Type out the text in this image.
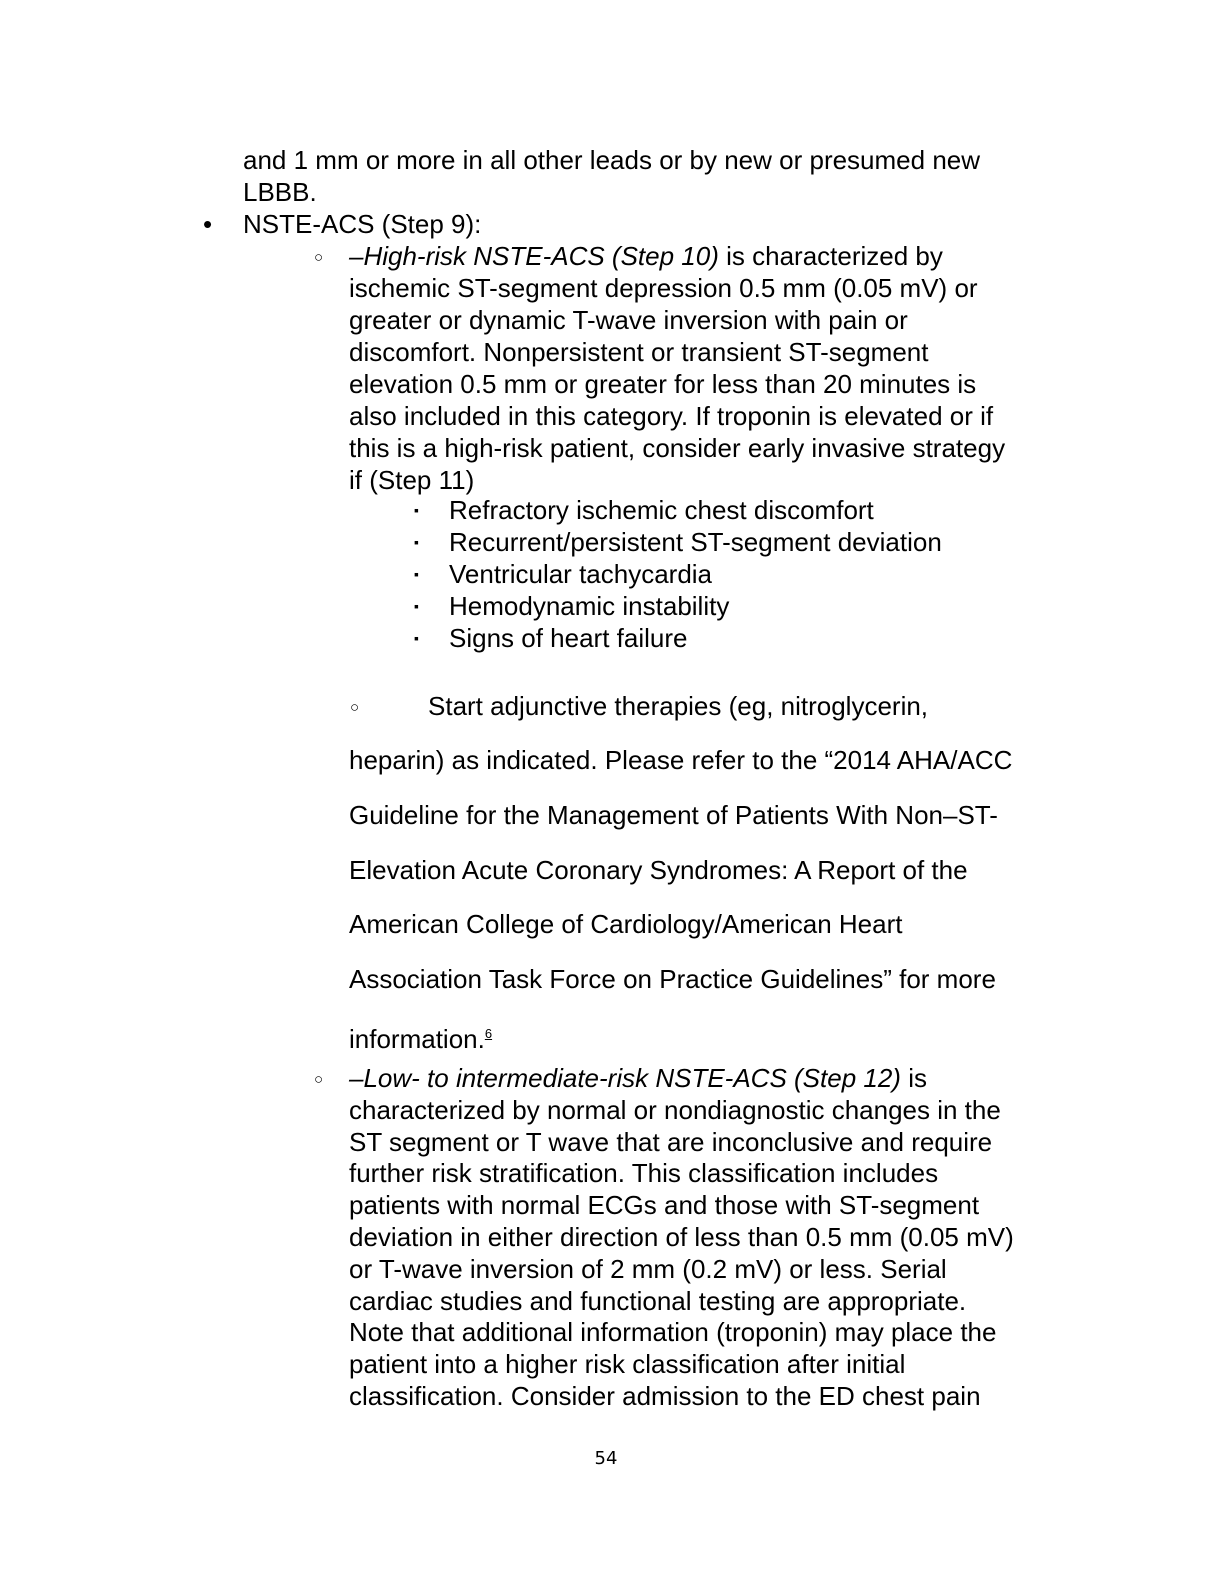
and 1 mm or more in all other leads or by new or presumed new
LBBB.
• NSTE-ACS (Step 9):
○ –High-risk NSTE-ACS (Step 10) is characterized by
ischemic ST-segment depression 0.5 mm (0.05 mV) or
greater or dynamic T-wave inversion with pain or
discomfort. Nonpersistent or transient ST-segment
elevation 0.5 mm or greater for less than 20 minutes is
also included in this category. If troponin is elevated or if
this is a high-risk patient, consider early invasive strategy
if (Step 11)
▪ Refractory ischemic chest discomfort
▪ Recurrent/persistent ST-segment deviation
▪ Ventricular tachycardia
▪ Hemodynamic instability
▪ Signs of heart failure
○	Start adjunctive therapies (eg, nitroglycerin,
heparin) as indicated. Please refer to the “2014 AHA/ACC
Guideline for the Management of Patients With Non–ST-
Elevation Acute Coronary Syndromes: A Report of the
American College of Cardiology/American Heart
Association Task Force on Practice Guidelines” for more
information.$^6$
○ –Low- to intermediate-risk NSTE-ACS (Step 12) is
characterized by normal or nondiagnostic changes in the
ST segment or T wave that are inconclusive and require
further risk stratification. This classification includes
patients with normal ECGs and those with ST-segment
deviation in either direction of less than 0.5 mm (0.05 mV)
or T-wave inversion of 2 mm (0.2 mV) or less. Serial
cardiac studies and functional testing are appropriate.
Note that additional information (troponin) may place the
patient into a higher risk classification after initial
classification. Consider admission to the ED chest pain
54
